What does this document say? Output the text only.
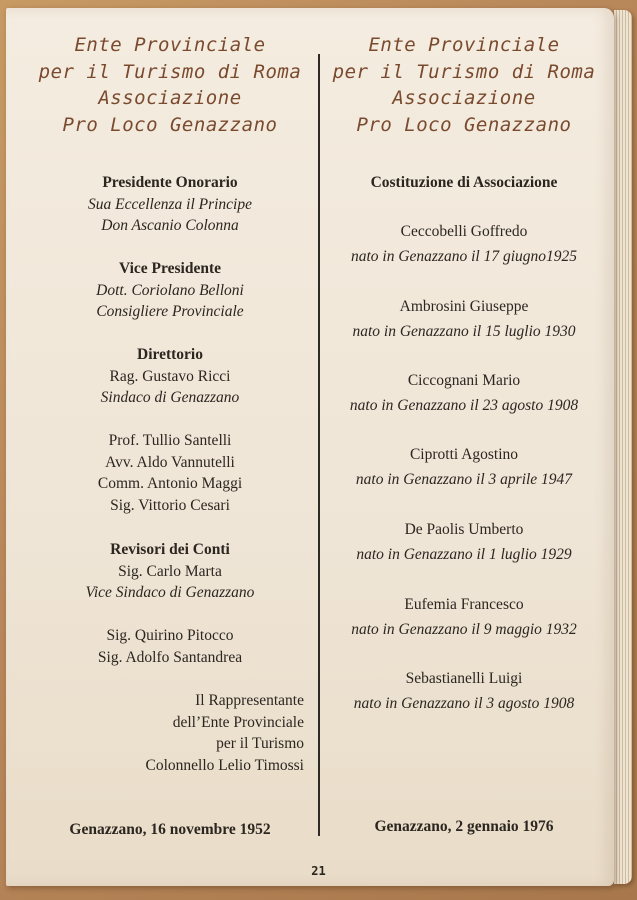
Ente Provinciale
per il Turismo di Roma
Associazione
Pro Loco Genazzano
Presidente Onorario
Sua Eccellenza il Principe
Don Ascanio Colonna
Vice Presidente
Dott. Coriolano Belloni
Consigliere Provinciale
Direttorio
Rag. Gustavo Ricci
Sindaco di Genazzano
Prof. Tullio Santelli
Avv. Aldo Vannutelli
Comm. Antonio Maggi
Sig. Vittorio Cesari
Revisori dei Conti
Sig. Carlo Marta
Vice Sindaco di Genazzano
Sig. Quirino Pitocco
Sig. Adolfo Santandrea
Il Rappresentante
dell’Ente Provinciale
per il Turismo
Colonnello Lelio Timossi
Genazzano, 16 novembre 1952
Ente Provinciale
per il Turismo di Roma
Associazione
Pro Loco Genazzano
Costituzione di Associazione
Ceccobelli Goffredo
nato in Genazzano il 17 giugno1925
Ambrosini Giuseppe
nato in Genazzano il 15 luglio 1930
Ciccognani Mario
nato in Genazzano il 23 agosto 1908
Ciprotti Agostino
nato in Genazzano il 3 aprile 1947
De Paolis Umberto
nato in Genazzano il 1 luglio 1929
Eufemia Francesco
nato in Genazzano il 9 maggio 1932
Sebastianelli Luigi
nato in Genazzano il 3 agosto 1908
Genazzano, 2 gennaio 1976
21
